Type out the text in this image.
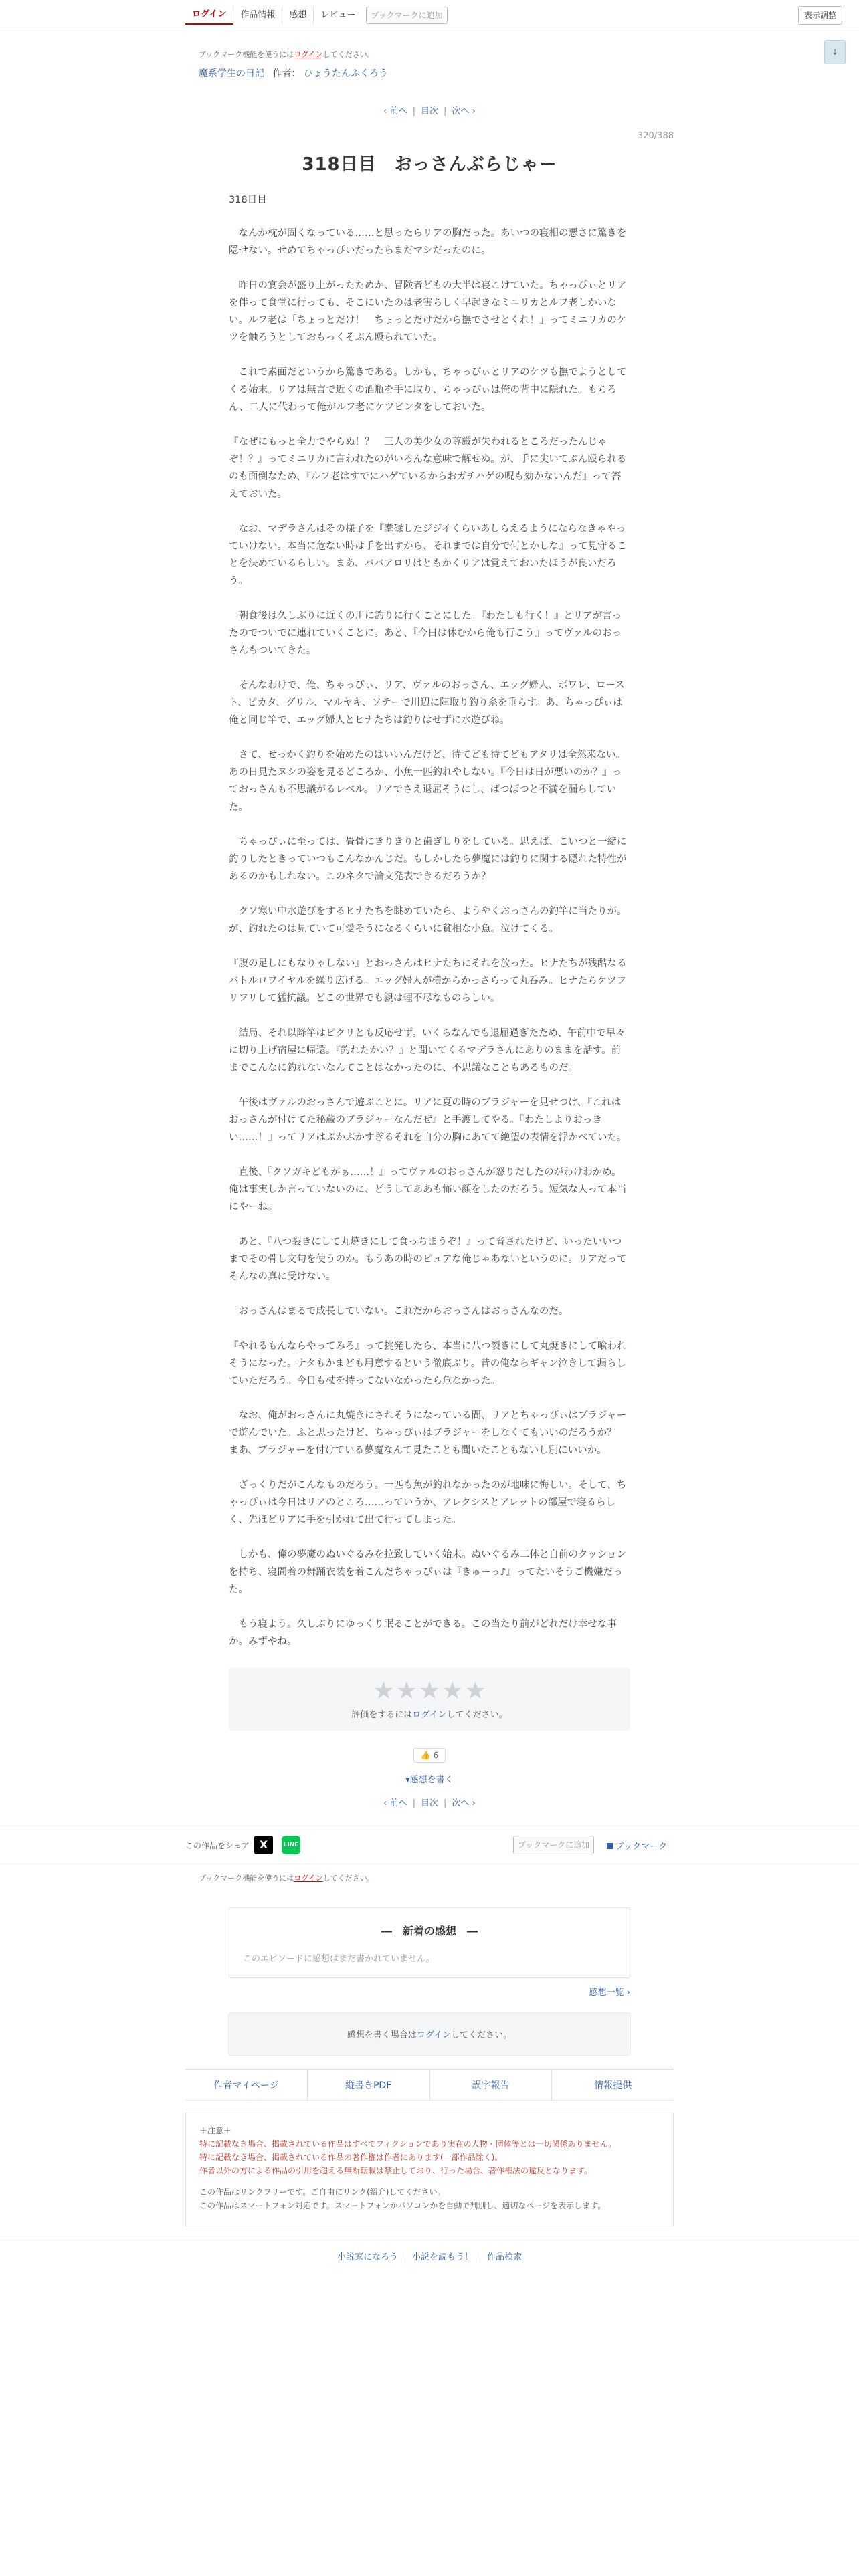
ログイン	作品情報	感想	レビュー	ブックマークに追加	表示調整
↓
ブックマーク機能を使うにはログインしてください。
魔系学生の日記 作者： ひょうたんふくろう
‹ 前へ | 目次 | 次へ ›
320/388
318日目　おっさんぶらじゃー
318日目

　なんか枕が固くなっている……と思ったらリアの胸だった。あいつの寝相の悪さに驚きを隠せない。せめてちゃっぴいだったらまだマシだったのに。

　昨日の宴会が盛り上がったためか、冒険者どもの大半は寝こけていた。ちゃっぴぃとリアを伴って食堂に行っても、そこにいたのは老害ちしく早起きなミニリカとルフ老しかいない。ルフ老は「ちょっとだけ！　ちょっとだけだから撫でさせとくれ！」ってミニリカのケツを触ろうとしておもっくそぶん殴られていた。

　これで素面だというから驚きである。しかも、ちゃっぴぃとリアのケツも撫でようとしてくる始末。リアは無言で近くの酒瓶を手に取り、ちゃっぴぃは俺の背中に隠れた。もちろん、二人に代わって俺がルフ老にケツビンタをしておいた。

『なぜにもっと全力でやらぬ！？　三人の美少女の尊厳が失われるところだったんじゃぞ！？』ってミニリカに言われたのがいろんな意味で解せぬ。が、手に尖いてぶん殴られるのも面倒なため、『ルフ老はすでにハゲているからおガチハゲの呪も効かないんだ』って答えておいた。

　なお、マデラさんはその様子を『耄碌したジジイくらいあしらえるようにならなきゃやっていけない。本当に危ない時は手を出すから、それまでは自分で何とかしな』って見守ることを決めているらしい。まあ、ババアロリはともかくリアは覚えておいたほうが良いだろう。

　朝食後は久しぶりに近くの川に釣りに行くことにした。『わたしも行く！』とリアが言ったのでついでに連れていくことに。あと、『今日は休むから俺も行こう』ってヴァルのおっさんもついてきた。

　そんなわけで、俺、ちゃっぴぃ、リア、ヴァルのおっさん、エッグ婦人、ボワレ、ロースト、ピカタ、グリル、マルヤキ、ソテーで川辺に陣取り釣り糸を垂らす。あ、ちゃっぴぃは俺と同じ竿で、エッグ婦人とヒナたちは釣りはせずに水遊びね。

　さて、せっかく釣りを始めたのはいいんだけど、待てども待てどもアタリは全然来ない。あの日見たヌシの姿を見るどころか、小魚一匹釣れやしない。『今日は日が悪いのか？』っておっさんも不思議がるレベル。リアでさえ退屈そうにし、ぱつぽつと不満を漏らしていた。

　ちゃっぴぃに至っては、畳骨にきりきりと歯ぎしりをしている。思えば、こいつと一緒に釣りしたときっていつもこんなかんじだ。もしかしたら夢魔には釣りに関する隠れた特性があるのかもしれない。このネタで論文発表できるだろうか？

　クソ寒い中水遊びをするヒナたちを眺めていたら、ようやくおっさんの釣竿に当たりが。が、釣れたのは見ていて可愛そうになるくらいに貧相な小魚。泣けてくる。

『腹の足しにもなりゃしない』とおっさんはヒナたちにそれを放った。ヒナたちが残酷なるバトルロワイヤルを繰り広げる。エッグ婦人が横からかっさらって丸呑み。ヒナたちケツフリフリして猛抗議。どこの世界でも親は理不尽なものらしい。

　結局、それ以降竿はピクリとも反応せず。いくらなんでも退屈過ぎたため、午前中で早々に切り上げ宿屋に帰還。『釣れたかい？』と聞いてくるマデラさんにありのままを話す。前までこんなに釣れないなんてことはなかったのに、不思議なこともあるものだ。

　午後はヴァルのおっさんで遊ぶことに。リアに夏の時のブラジャーを見せつけ、『これはおっさんが付けてた秘蔵のブラジャーなんだぜ』と手渡してやる。『わたしよりおっきい……！』ってリアはぶかぶかすぎるそれを自分の胸にあてて絶望の表情を浮かべていた。

　直後、『クソガキどもがぁ……！』ってヴァルのおっさんが怒りだしたのがわけわかめ。俺は事実しか言っていないのに、どうしてああも怖い顔をしたのだろう。短気な人って本当にやーね。

　あと、『八つ裂きにして丸焼きにして食っちまうぞ！』って脅されたけど、いったいいつまでその骨し文句を使うのか。もうあの時のピュアな俺じゃあないというのに。リアだってそんなの真に受けない。

　おっさんはまるで成長していない。これだからおっさんはおっさんなのだ。

『やれるもんならやってみろ』って挑発したら、本当に八つ裂きにして丸焼きにして喰われそうになった。ナタもかまども用意するという徹底ぶり。昔の俺ならギャン泣きして漏らしていただろう。今日も杖を持ってないなかったら危なかった。

　なお、俺がおっさんに丸焼きにされそうになっている間、リアとちゃっぴぃはブラジャーで遊んでいた。ふと思ったけど、ちゃっぴぃはブラジャーをしなくてもいいのだろうか？　まあ、ブラジャーを付けている夢魔なんて見たことも聞いたこともないし別にいいか。

　ざっくりだがこんなものだろう。一匹も魚が釣れなかったのが地味に悔しい。そして、ちゃっぴぃは今日はリアのところ……っていうか、アレクシスとアレットの部屋で寝るらしく、先ほどリアに手を引かれて出て行ってしまった。

　しかも、俺の夢魔のぬいぐるみを拉致していく始末。ぬいぐるみ二体と自前のクッションを持ち、寝間着の舞踊衣装を着こんだちゃっぴぃは『きゅーっ♪』ってたいそうご機嫌だった。

　もう寝よう。久しぶりにゆっくり眠ることができる。この当たり前がどれだけ幸せな事か。みずやね。

★★★★★
評価をするにはログインしてください。
👍 6
▾感想を書く
‹ 前へ | 目次 | 次へ ›
この作品をシェア X	LINE	ブックマークに追加	ブックマーク
ブックマーク機能を使うにはログインしてください。
―　新着の感想　―
このエピソードに感想はまだ書かれていません。
感想一覧 ›
感想を書く場合はログインしてください。
作者マイページ	縦書きPDF	誤字報告	情報提供
＋注意＋
特に記載なき場合、掲載されている作品はすべてフィクションであり実在の人物・団体等とは一切関係ありません。
特に記載なき場合、掲載されている作品の著作権は作者にあります(一部作品除く)。
作者以外の方による作品の引用を超える無断転載は禁止しており、行った場合、著作権法の違反となります。
この作品はリンクフリーです。ご自由にリンク(紹介)してください。
この作品はスマートフォン対応です。スマートフォンかパソコンかを自動で判別し、適切なページを表示します。
小説家になろう 小説を読もう！ 作品検索
